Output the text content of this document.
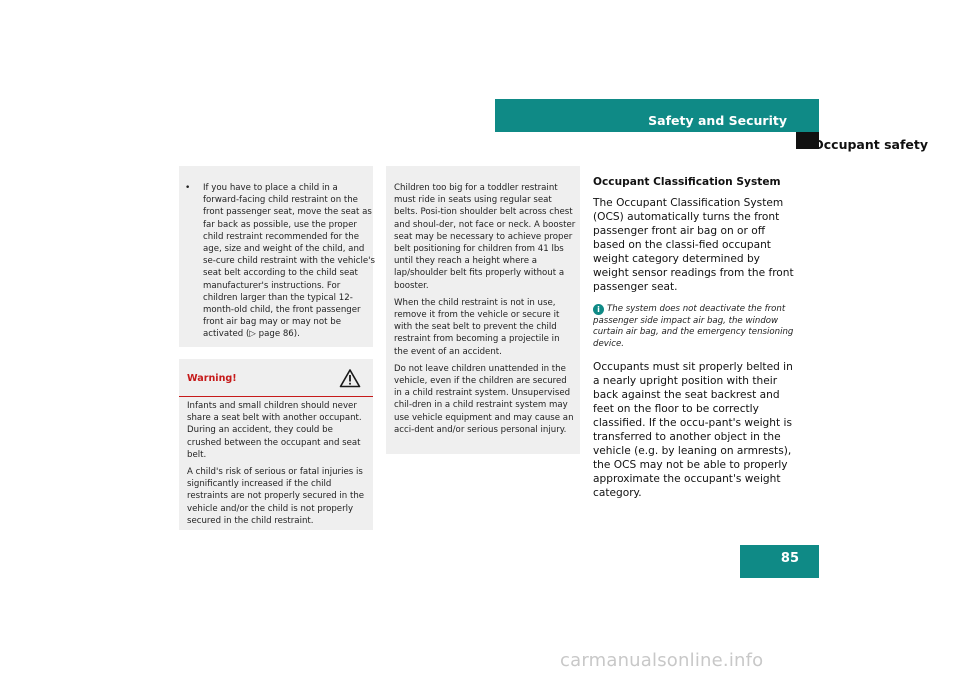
Safety and Security
Occupant safety
• If you have to place a child in a forward-facing child restraint on the front passenger seat, move the seat as far back as possible, use the proper child restraint recommended for the age, size and weight of the child, and se-cure child restraint with the vehicle's seat belt according to the child seat manufacturer's instructions. For children larger than the typical 12-month-old child, the front passenger front air bag may or may not be activated (▷ page 86).
Warning!

Infants and small children should never share a seat belt with another occupant. During an accident, they could be crushed between the occupant and seat belt.

A child's risk of serious or fatal injuries is significantly increased if the child restraints are not properly secured in the vehicle and/or the child is not properly secured in the child restraint.

Children too big for a toddler restraint must ride in seats using regular seat belts. Posi-tion shoulder belt across chest and shoul-der, not face or neck. A booster seat may be necessary to achieve proper belt positioning for children from 41 lbs until they reach a height where a lap/shoulder belt fits properly without a booster.

When the child restraint is not in use, remove it from the vehicle or secure it with the seat belt to prevent the child restraint from becoming a projectile in the event of an accident.

Do not leave children unattended in the vehicle, even if the children are secured in a child restraint system. Unsupervised chil-dren in a child restraint system may use vehicle equipment and may cause an acci-dent and/or serious personal injury.

Occupant Classification System

The Occupant Classification System (OCS) automatically turns the front passenger front air bag on or off based on the classi-fied occupant weight category determined by weight sensor readings from the front passenger seat.

i The system does not deactivate the front passenger side impact air bag, the window curtain air bag, and the emergency tensioning device.

Occupants must sit properly belted in a nearly upright position with their back against the seat backrest and feet on the floor to be correctly classified. If the occu-pant's weight is transferred to another object in the vehicle (e.g. by leaning on armrests), the OCS may not be able to properly approximate the occupant's weight category.

85
carmanualsonline.info
